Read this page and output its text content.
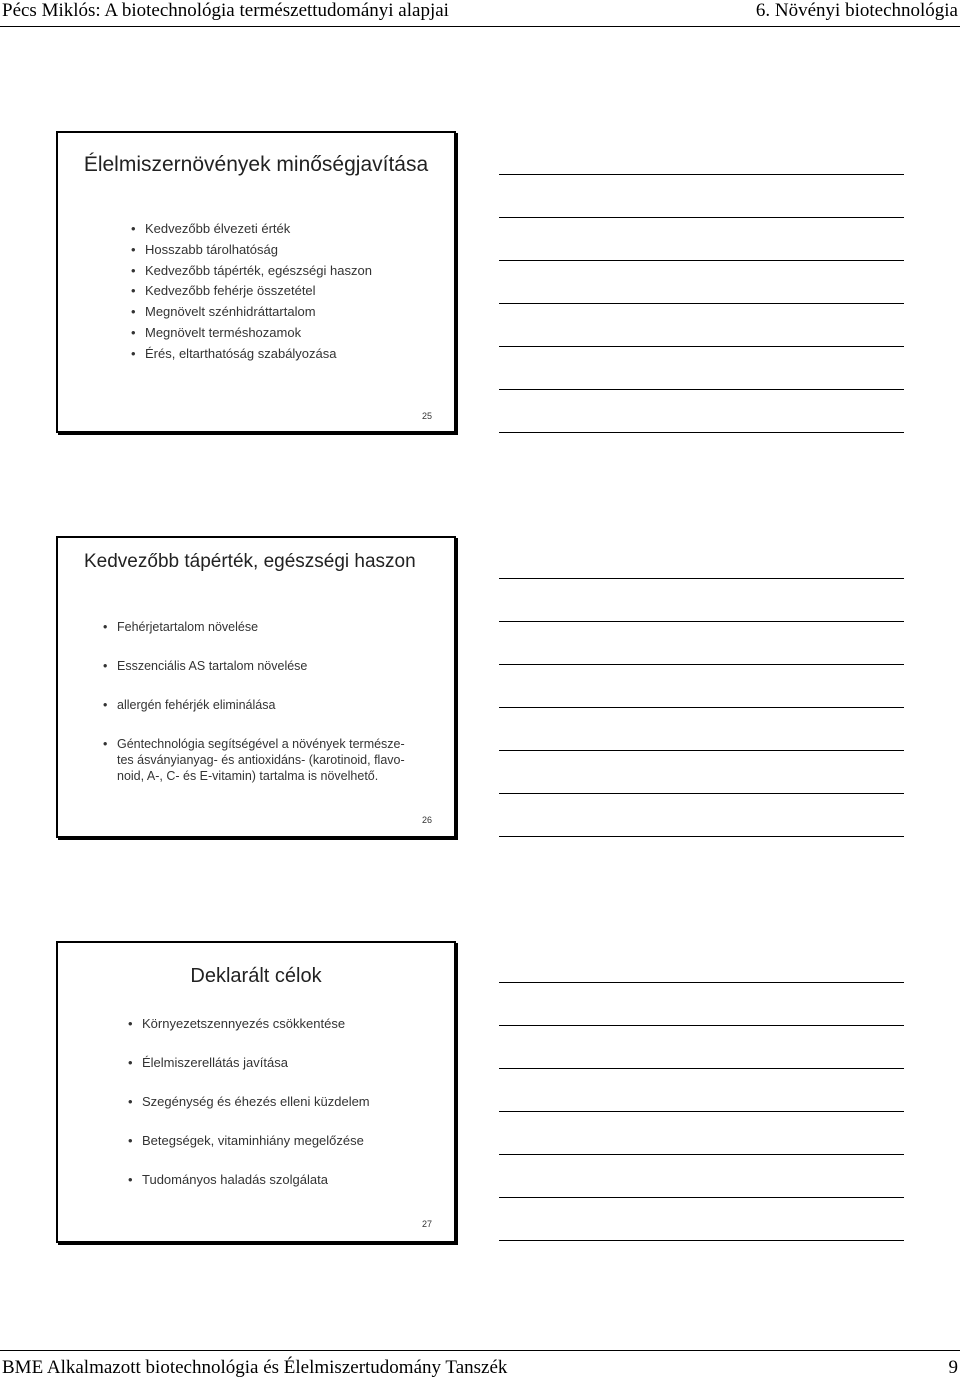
Pécs Miklós: A biotechnológia természettudományi alapjai	6. Növényi biotechnológia
Élelmiszernövények minőségjavítása
• Kedvezőbb élvezeti érték
• Hosszabb tárolhatóság
• Kedvezőbb tápérték, egészségi haszon
• Kedvezőbb fehérje összetétel
• Megnövelt szénhidráttartalom
• Megnövelt terméshozamok
• Érés, eltarthatóság szabályozása
25
Kedvezőbb tápérték, egészségi haszon
• Fehérjetartalom növelése
• Esszenciális AS tartalom növelése
• allergén fehérjék eliminálása
• Géntechnológia segítségével a növények természe-tes ásványianyag- és antioxidáns- (karotinoid, flavo-noid, A-, C- és E-vitamin) tartalma is növelhető.
26
Deklarált célok
• Környezetszennyezés csökkentése
• Élelmiszerellátás javítása
• Szegénység és éhezés elleni küzdelem
• Betegségek, vitaminhiány megelőzése
• Tudományos haladás szolgálata
27
BME Alkalmazott biotechnológia és Élelmiszertudomány Tanszék	9
